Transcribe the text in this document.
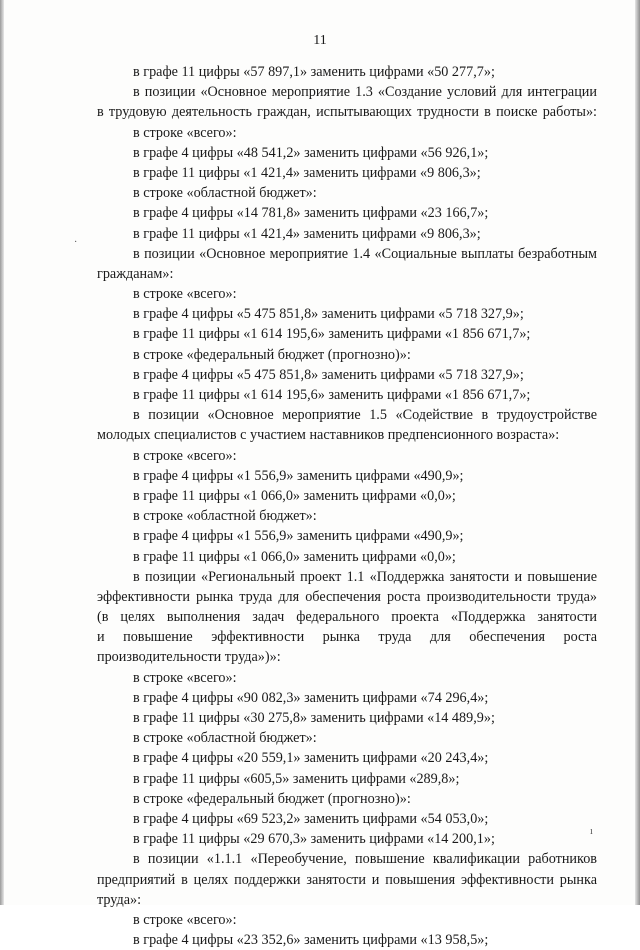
11
в графе 11 цифры «57 897,1» заменить цифрами «50 277,7»;
в позиции «Основное мероприятие 1.3 «Создание условий для интеграции
в трудовую деятельность граждан, испытывающих трудности в поиске работы»:
в строке «всего»:
в графе 4 цифры «48 541,2» заменить цифрами «56 926,1»;
в графе 11 цифры «1 421,4» заменить цифрами «9 806,3»;
в строке «областной бюджет»:
в графе 4 цифры «14 781,8» заменить цифрами «23 166,7»;
в графе 11 цифры «1 421,4» заменить цифрами «9 806,3»;
в позиции «Основное мероприятие 1.4 «Социальные выплаты безработным
гражданам»:
в строке «всего»:
в графе 4 цифры «5 475 851,8» заменить цифрами «5 718 327,9»;
в графе 11 цифры «1 614 195,6» заменить цифрами «1 856 671,7»;
в строке «федеральный бюджет (прогнозно)»:
в графе 4 цифры «5 475 851,8» заменить цифрами «5 718 327,9»;
в графе 11 цифры «1 614 195,6» заменить цифрами «1 856 671,7»;
в позиции «Основное мероприятие 1.5 «Содействие в трудоустройстве
молодых специалистов с участием наставников предпенсионного возраста»:
в строке «всего»:
в графе 4 цифры «1 556,9» заменить цифрами «490,9»;
в графе 11 цифры «1 066,0» заменить цифрами «0,0»;
в строке «областной бюджет»:
в графе 4 цифры «1 556,9» заменить цифрами «490,9»;
в графе 11 цифры «1 066,0» заменить цифрами «0,0»;
в позиции «Региональный проект 1.1 «Поддержка занятости и повышение
эффективности рынка труда для обеспечения роста производительности труда»
(в целях выполнения задач федерального проекта «Поддержка занятости
и повышение эффективности рынка труда для обеспечения роста
производительности труда»)»:
в строке «всего»:
в графе 4 цифры «90 082,3» заменить цифрами «74 296,4»;
в графе 11 цифры «30 275,8» заменить цифрами «14 489,9»;
в строке «областной бюджет»:
в графе 4 цифры «20 559,1» заменить цифрами «20 243,4»;
в графе 11 цифры «605,5» заменить цифрами «289,8»;
в строке «федеральный бюджет (прогнозно)»:
в графе 4 цифры «69 523,2» заменить цифрами «54 053,0»;
в графе 11 цифры «29 670,3» заменить цифрами «14 200,1»;
в позиции «1.1.1 «Переобучение, повышение квалификации работников
предприятий в целях поддержки занятости и повышения эффективности рынка
труда»:
в строке «всего»:
в графе 4 цифры «23 352,6» заменить цифрами «13 958,5»;
·
ı
